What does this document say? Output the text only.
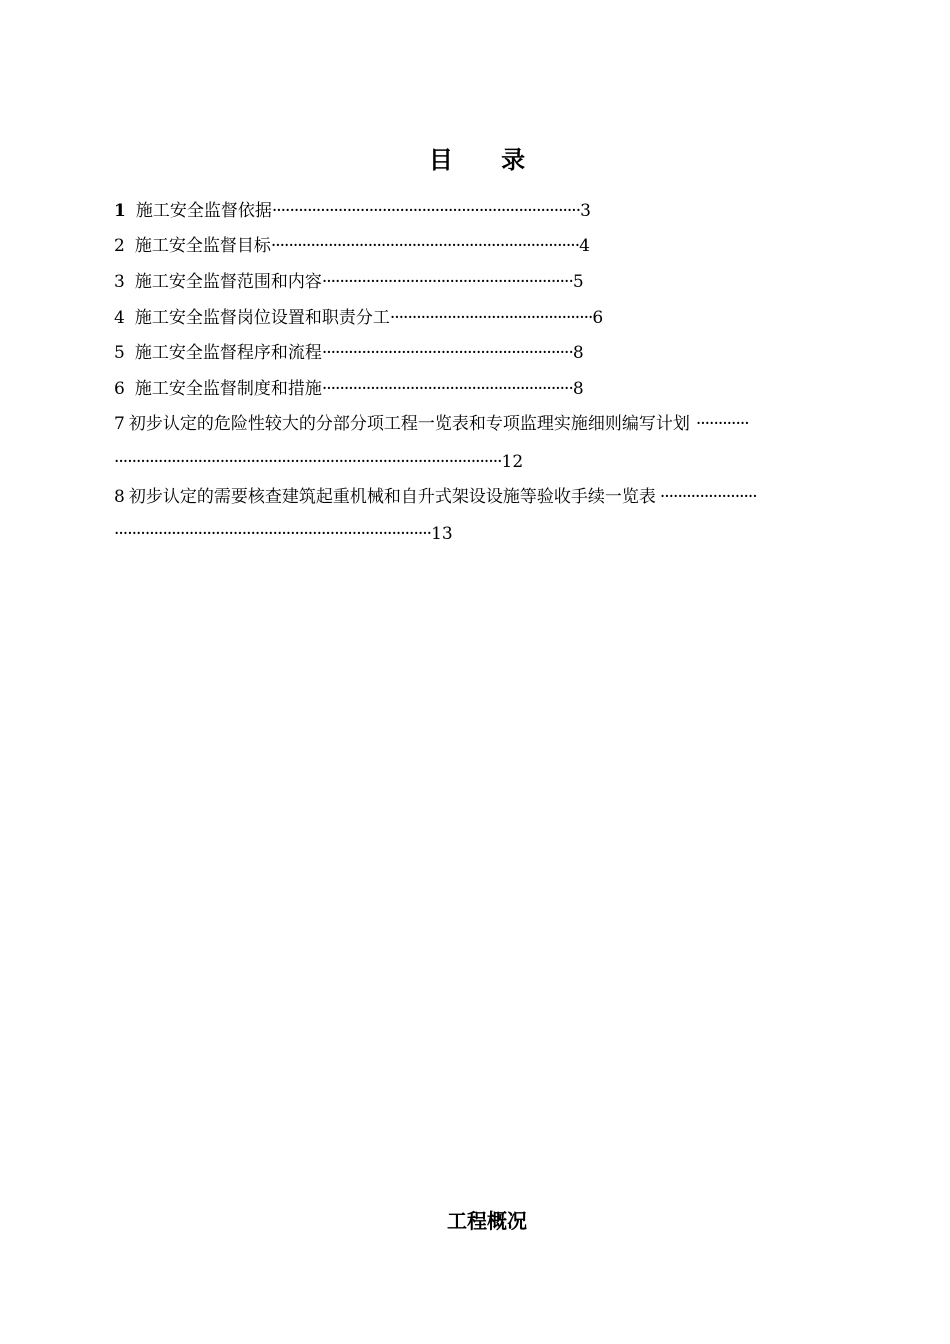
目 录
1 施工安全监督依据······································································3
2 施工安全监督目标······································································4
3 施工安全监督范围和内容·························································5
4 施工安全监督岗位设置和职责分工··············································6
5 施工安全监督程序和流程·························································8
6 施工安全监督制度和措施·························································8
7 初步认定的危险性较大的分部分项工程一览表和专项监理实施细则编写计划 ············
························································································12
8 初步认定的需要核查建筑起重机械和自升式架设设施等验收手续一览表 ······················
········································································13
工程概况
